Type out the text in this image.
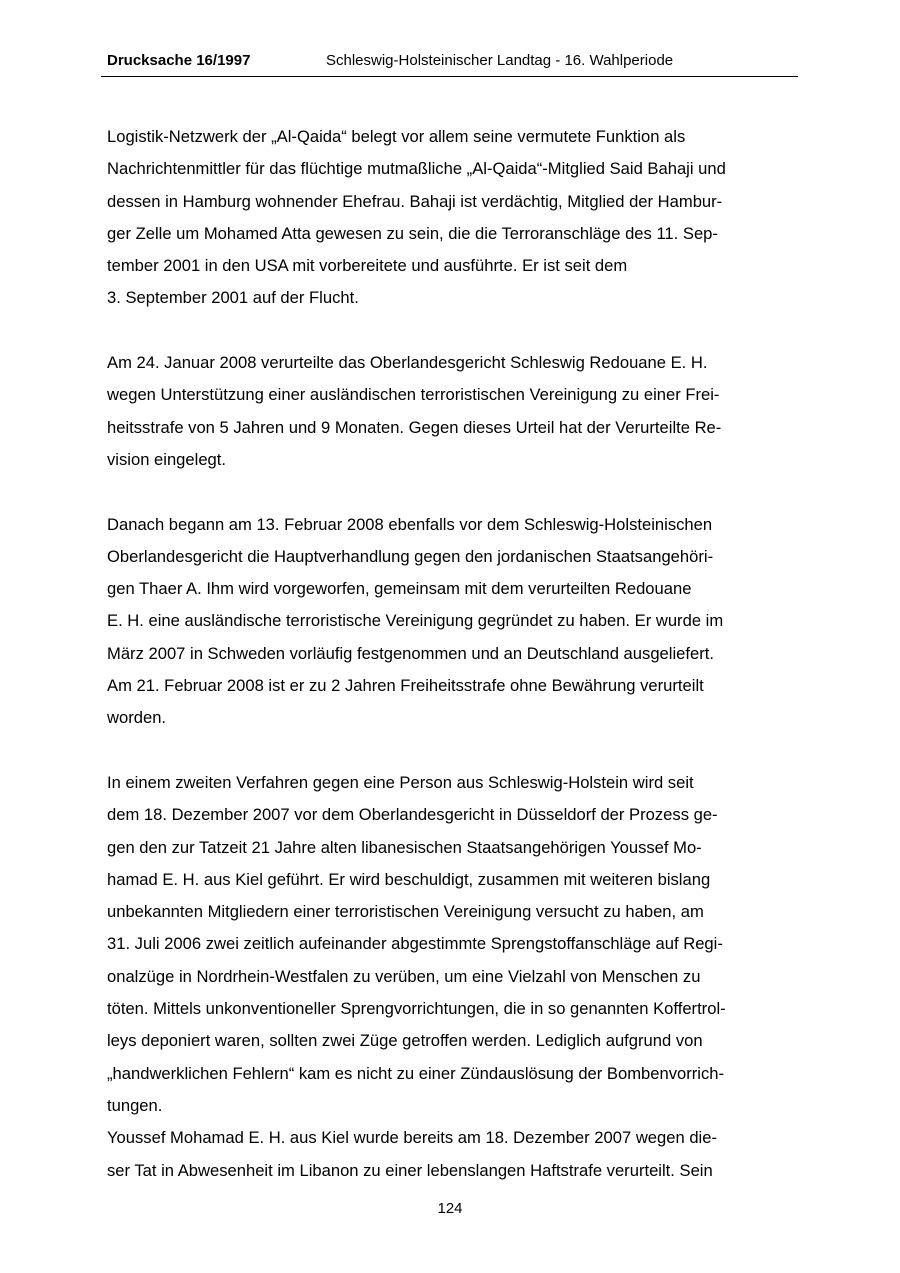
Drucksache 16/1997	Schleswig-Holsteinischer Landtag - 16. Wahlperiode
Logistik-Netzwerk der „Al-Qaida“ belegt vor allem seine vermutete Funktion als
Nachrichtenmittler für das flüchtige mutmaßliche „Al-Qaida“-Mitglied Said Bahaji und
dessen in Hamburg wohnender Ehefrau. Bahaji ist verdächtig, Mitglied der Hambur-
ger Zelle um Mohamed Atta gewesen zu sein, die die Terroranschläge des 11. Sep-
tember 2001 in den USA mit vorbereitete und ausführte. Er ist seit dem
3. September 2001 auf der Flucht.
Am 24. Januar 2008 verurteilte das Oberlandesgericht Schleswig Redouane E. H.
wegen Unterstützung einer ausländischen terroristischen Vereinigung zu einer Frei-
heitsstrafe von 5 Jahren und 9 Monaten. Gegen dieses Urteil hat der Verurteilte Re-
vision eingelegt.
Danach begann am 13. Februar 2008 ebenfalls vor dem Schleswig-Holsteinischen
Oberlandesgericht die Hauptverhandlung gegen den jordanischen Staatsangehöri-
gen Thaer A. Ihm wird vorgeworfen, gemeinsam mit dem verurteilten Redouane
E. H. eine ausländische terroristische Vereinigung gegründet zu haben. Er wurde im
März 2007 in Schweden vorläufig festgenommen und an Deutschland ausgeliefert.
Am 21. Februar 2008 ist er zu 2 Jahren Freiheitsstrafe ohne Bewährung verurteilt
worden.
In einem zweiten Verfahren gegen eine Person aus Schleswig-Holstein wird seit
dem 18. Dezember 2007 vor dem Oberlandesgericht in Düsseldorf der Prozess ge-
gen den zur Tatzeit 21 Jahre alten libanesischen Staatsangehörigen Youssef Mo-
hamad E. H. aus Kiel geführt. Er wird beschuldigt, zusammen mit weiteren bislang
unbekannten Mitgliedern einer terroristischen Vereinigung versucht zu haben, am
31. Juli 2006 zwei zeitlich aufeinander abgestimmte Sprengstoffanschläge auf Regi-
onalzüge in Nordrhein-Westfalen zu verüben, um eine Vielzahl von Menschen zu
töten. Mittels unkonventioneller Sprengvorrichtungen, die in so genannten Koffertrol-
leys deponiert waren, sollten zwei Züge getroffen werden. Lediglich aufgrund von
„handwerklichen Fehlern“ kam es nicht zu einer Zündauslösung der Bombenvorrich-
tungen.
Youssef Mohamad E. H. aus Kiel wurde bereits am 18. Dezember 2007 wegen die-
ser Tat in Abwesenheit im Libanon zu einer lebenslangen Haftstrafe verurteilt. Sein
124
